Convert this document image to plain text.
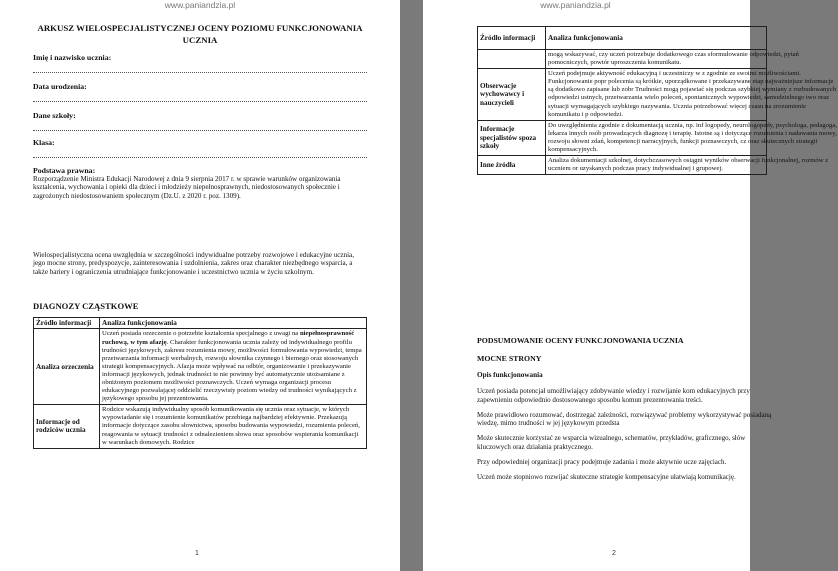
www.paniandzia.pl
ARKUSZ WIELOSPECJALISTYCZNEJ OCENY POZIOMU FUNKCJONOWANIA UCZNIA
Imię i nazwisko ucznia:
Data urodzenia:
Dane szkoły:
Klasa:
Podstawa prawna:
Rozporządzenie Ministra Edukacji Narodowej z dnia 9 sierpnia 2017 r. w sprawie warunków organizowania kształcenia, wychowania i opieki dla dzieci i młodzieży niepełnosprawnych, niedostosowanych społecznie i zagrożonych niedostosowaniem społecznym (Dz.U. z 2020 r. poz. 1309).
Wielospecjalistyczna ocena uwzględnia w szczególności indywidualne potrzeby rozwojowe i edukacyjne ucznia, jego mocne strony, predyspozycje, zainteresowania i uzdolnienia, zakres oraz charakter niezbędnego wsparcia, a także bariery i ograniczenia utrudniające funkcjonowanie i uczestnictwo ucznia w życiu szkolnym.
DIAGNOZY CZĄSTKOWE
Źródło informacji	Analiza funkcjonowania
Analiza orzeczenia	Uczeń posiada orzeczenie o potrzebie kształcenia specjalnego z uwagi na niepełnosprawność ruchową, w tym afazję. Charakter funkcjonowania ucznia zależy od indywidualnego profilu trudności językowych, zakresu rozumienia mowy, możliwości formułowania wypowiedzi, tempa przetwarzania informacji werbalnych, rozwoju słownika czynnego i biernego oraz stosowanych strategii kompensacyjnych. Afazja może wpływać na odbiór, organizowanie i przekazywanie informacji językowych, jednak trudności te nie powinny być automatycznie utożsamiane z obniżonym poziomem możliwości poznawczych. Uczeń wymaga organizacji procesu edukacyjnego pozwalającej oddzielić rzeczywisty poziom wiedzy od trudności wynikających z językowego sposobu jej prezentowania.
Informacje od rodziców ucznia	Rodzice wskazują indywidualny sposób komunikowania się ucznia oraz sytuacje, w których wypowiadanie się i rozumienie komunikatów przebiega najbardziej efektywnie. Przekazują informacje dotyczące zasobu słownictwa, sposobu budowania wypowiedzi, rozumienia poleceń, reagowania w sytuacji trudności z odnalezieniem słowa oraz sposobów wspierania komunikacji w warunkach domowych. Rodzice
1
www.paniandzia.pl
2
Źródło informacji	Analiza funkcjonowania

	mogą wskazywać, czy uczeń potrzebuje dodatkowego czas sformułowanie odpowiedzi, pytań pomocniczych, powtór uproszczenia komunikatu.

Obserwacje wychowawcy i nauczycieli	Uczeń podejmuje aktywność edukacyjną i uczestniczy w z zgodnie ze swoimi możliwościami. Funkcjonowanie popr polecenia są krótkie, uporządkowane i przekazywane etap najważniejsze informacje są dodatkowo zapisane lub zobr Trudności mogą pojawiać się podczas szybkiej wymiany z rozbudowanych odpowiedzi ustnych, przetwarzania wielo poleceń, spontanicznych wypowiedzi, samodzielnego two oraz sytuacji wymagających szybkiego nazywania. Ucznia potrzebować więcej czasu na zrozumienie komunikatu i p odpowiedzi.

Informacje specjalistów spoza szkoły	Do uwzględnienia zgodnie z dokumentacją ucznia, np. inf logopedy, neurologopedy, psychologa, pedagoga, lekarza innych osób prowadzących diagnozę i terapię. Istotne są i dotyczące rozumienia i nadawania mowy, rozwoju słowni zdań, kompetencji narracyjnych, funkcji poznawczych, cz oraz skutecznych strategii kompensacyjnych.

Inne źródła	Analiza dokumentacji szkolnej, dotychczasowych osiągni wyników obserwacji funkcjonalnej, rozmów z uczniem or uzyskanych podczas pracy indywidualnej i grupowej.
PODSUMOWANIE OCENY FUNKCJONOWANIA UCZNIA
MOCNE STRONY
Opis funkcjonowania
Uczeń posiada potencjał umożliwiający zdobywanie wiedzy i rozwijanie kom edukacyjnych przy zapewnieniu odpowiednio dostosowanego sposobu komun prezentowania treści.
Może prawidłowo rozumować, dostrzegać zależności, rozwiązywać problemy wykorzystywać posiadaną wiedzę, mimo trudności w jej językowym przedsta
Może skutecznie korzystać ze wsparcia wizualnego, schematów, przykładów, graficznego, słów kluczowych oraz działania praktycznego.
Przy odpowiedniej organizacji pracy podejmuje zadania i może aktywnie ucze zajęciach.
Uczeń może stopniowo rozwijać skuteczne strategie kompensacyjne ułatwiają komunikację.
